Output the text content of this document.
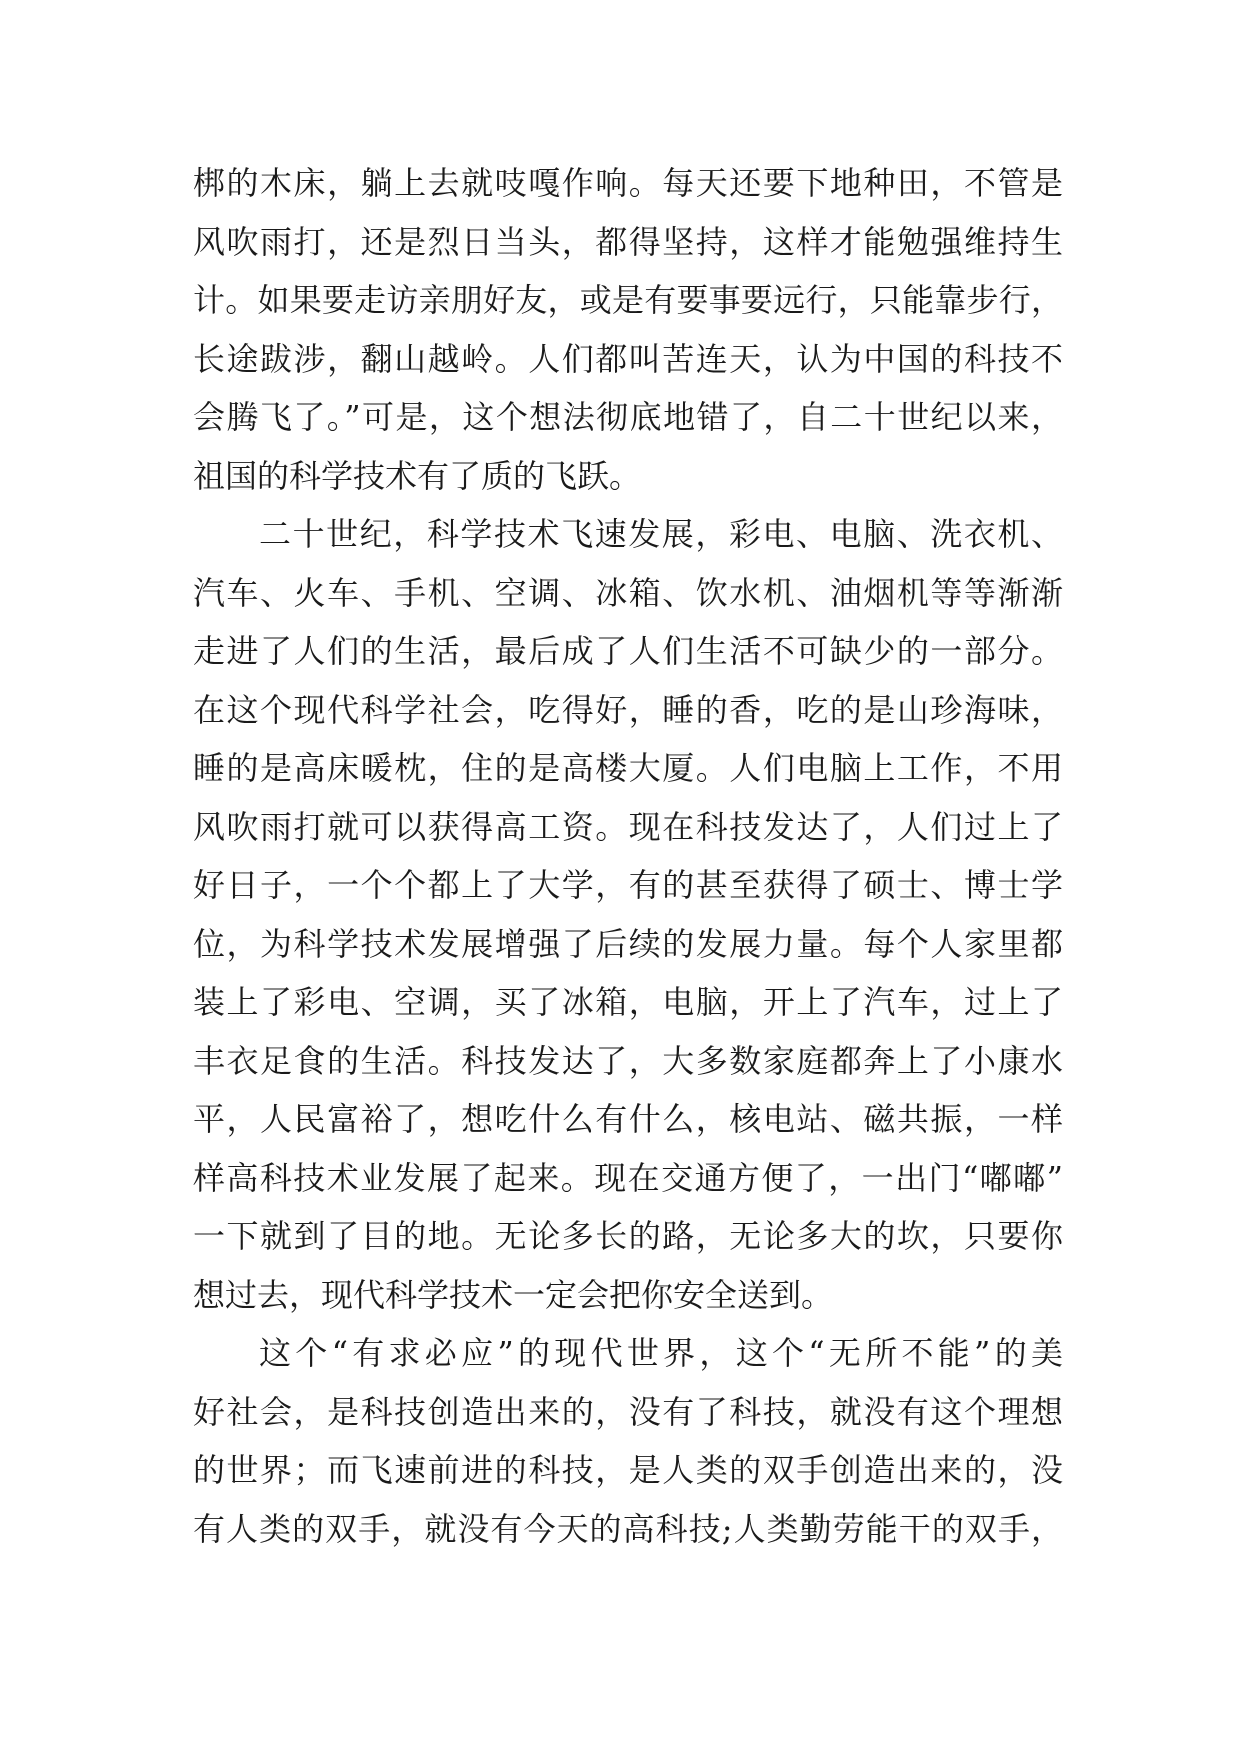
梆的木床，躺上去就吱嘎作响。每天还要下地种田，不管是
风吹雨打，还是烈日当头，都得坚持，这样才能勉强维持生
计。如果要走访亲朋好友，或是有要事要远行，只能靠步行，
长途跋涉，翻山越岭。人们都叫苦连天，认为中国的科技不
会腾飞了。”可是，这个想法彻底地错了，自二十世纪以来，
祖国的科学技术有了质的飞跃。
二十世纪，科学技术飞速发展，彩电、电脑、洗衣机、
汽车、火车、手机、空调、冰箱、饮水机、油烟机等等渐渐
走进了人们的生活，最后成了人们生活不可缺少的一部分。
在这个现代科学社会，吃得好，睡的香，吃的是山珍海味，
睡的是高床暖枕，住的是高楼大厦。人们电脑上工作，不用
风吹雨打就可以获得高工资。现在科技发达了，人们过上了
好日子，一个个都上了大学，有的甚至获得了硕士、博士学
位，为科学技术发展增强了后续的发展力量。每个人家里都
装上了彩电、空调，买了冰箱，电脑，开上了汽车，过上了
丰衣足食的生活。科技发达了，大多数家庭都奔上了小康水
平，人民富裕了，想吃什么有什么，核电站、磁共振，一样
样高科技术业发展了起来。现在交通方便了，一出门“嘟嘟”
一下就到了目的地。无论多长的路，无论多大的坎，只要你
想过去，现代科学技术一定会把你安全送到。
这个“有求必应”的现代世界，这个“无所不能”的美
好社会，是科技创造出来的，没有了科技，就没有这个理想
的世界；而飞速前进的科技，是人类的双手创造出来的，没
有人类的双手，就没有今天的高科技;人类勤劳能干的双手，
